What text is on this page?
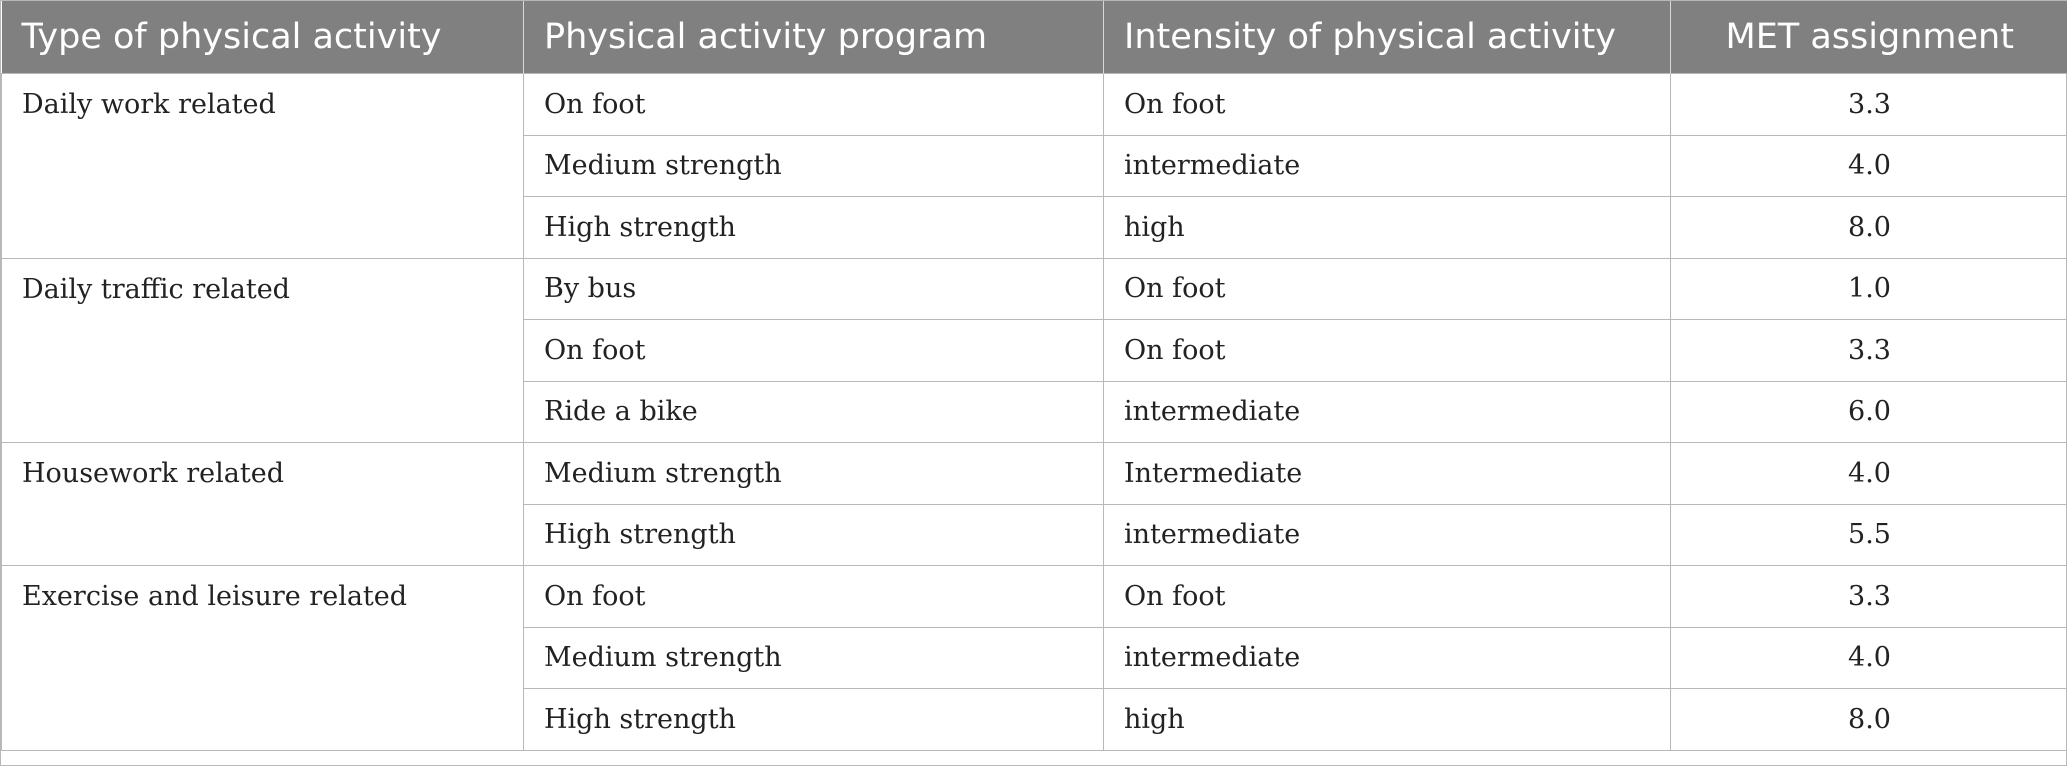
Type of physical activity	Physical activity program	Intensity of physical activity	MET assignment
Daily work related	On foot	On foot	3.3
	Medium strength	intermediate	4.0
	High strength	high	8.0
Daily traffic related	By bus	On foot	1.0
	On foot	On foot	3.3
	Ride a bike	intermediate	6.0
Housework related	Medium strength	Intermediate	4.0
	High strength	intermediate	5.5
Exercise and leisure related	On foot	On foot	3.3
	Medium strength	intermediate	4.0
	High strength	high	8.0
